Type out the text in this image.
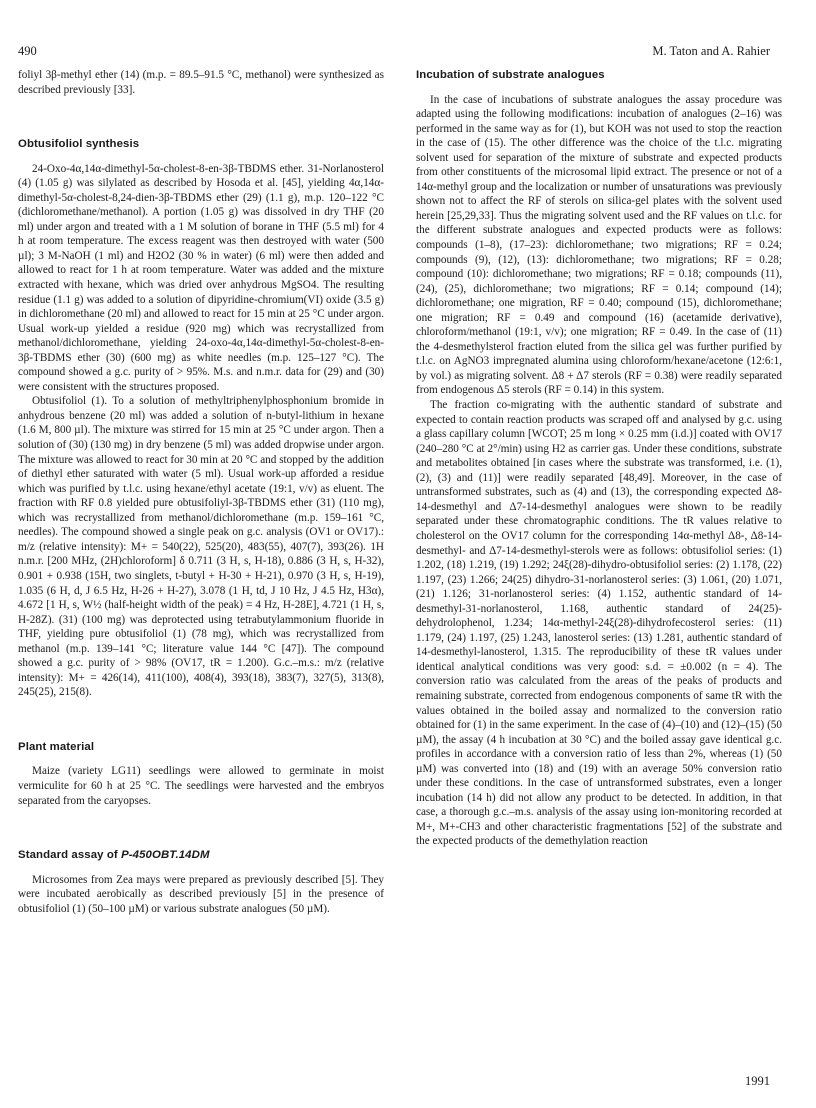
490	M. Taton and A. Rahier

foliyl 3β-methyl ether (14) (m.p. = 89.5–91.5 °C, methanol) were synthesized as described previously [33].

Obtusifoliol synthesis

24-Oxo-4α,14α-dimethyl-5α-cholest-8-en-3β-TBDMS ether. 31-Norlanosterol (4) (1.05 g) was silylated as described by Hosoda et al. [45], yielding 4α,14α-dimethyl-5α-cholest-8,24-dien-3β-TBDMS ether (29) (1.1 g), m.p. 120–122 °C (dichloromethane/methanol). A portion (1.05 g) was dissolved in dry THF (20 ml) under argon and treated with a 1 M solution of borane in THF (5.5 ml) for 4 h at room temperature. The excess reagent was then destroyed with water (500 µl); 3 M-NaOH (1 ml) and H2O2 (30 % in water) (6 ml) were then added and allowed to react for 1 h at room temperature. Water was added and the mixture extracted with hexane, which was dried over anhydrous MgSO4. The resulting residue (1.1 g) was added to a solution of dipyridine-chromium(VI) oxide (3.5 g) in dichloromethane (20 ml) and allowed to react for 15 min at 25 °C under argon. Usual work-up yielded a residue (920 mg) which was recrystallized from methanol/dichloromethane, yielding 24-oxo-4α,14α-dimethyl-5α-cholest-8-en-3β-TBDMS ether (30) (600 mg) as white needles (m.p. 125–127 °C). The compound showed a g.c. purity of > 95%. M.s. and n.m.r. data for (29) and (30) were consistent with the structures proposed.

Obtusifoliol (1). To a solution of methyltriphenylphosphonium bromide in anhydrous benzene (20 ml) was added a solution of n-butyl-lithium in hexane (1.6 M, 800 µl). The mixture was stirred for 15 min at 25 °C under argon. Then a solution of (30) (130 mg) in dry benzene (5 ml) was added dropwise under argon. The mixture was allowed to react for 30 min at 20 °C and stopped by the addition of diethyl ether saturated with water (5 ml). Usual work-up afforded a residue which was purified by t.l.c. using hexane/ethyl acetate (19:1, v/v) as eluent. The fraction with RF 0.8 yielded pure obtusifoliyl-3β-TBDMS ether (31) (110 mg), which was recrystallized from methanol/dichloromethane (m.p. 159–161 °C, needles). The compound showed a single peak on g.c. analysis (OV1 or OV17).: m/z (relative intensity): M+ = 540(22), 525(20), 483(55), 407(7), 393(26). 1H n.m.r. [200 MHz, (2H)chloroform] δ 0.711 (3 H, s, H-18), 0.886 (3 H, s, H-32), 0.901 + 0.938 (15H, two singlets, t-butyl + H-30 + H-21), 0.970 (3 H, s, H-19), 1.035 (6 H, d, J 6.5 Hz, H-26 + H-27), 3.078 (1 H, td, J 10 Hz, J 4.5 Hz, H3α), 4.672 [1 H, s, W½ (half-height width of the peak) = 4 Hz, H-28E], 4.721 (1 H, s, H-28Z). (31) (100 mg) was deprotected using tetrabutylammonium fluoride in THF, yielding pure obtusifoliol (1) (78 mg), which was recrystallized from methanol (m.p. 139–141 °C; literature value 144 °C [47]). The compound showed a g.c. purity of > 98% (OV17, tR = 1.200). G.c.–m.s.: m/z (relative intensity): M+ = 426(14), 411(100), 408(4), 393(18), 383(7), 327(5), 313(8), 245(25), 215(8).

Plant material

Maize (variety LG11) seedlings were allowed to germinate in moist vermiculite for 60 h at 25 °C. The seedlings were harvested and the embryos separated from the caryopses.

Standard assay of P-450OBT.14DM

Microsomes from Zea mays were prepared as previously described [5]. They were incubated aerobically as described previously [5] in the presence of obtusifoliol (1) (50–100 µM) or various substrate analogues (50 µM).

Incubation of substrate analogues

In the case of incubations of substrate analogues the assay procedure was adapted using the following modifications: incubation of analogues (2–16) was performed in the same way as for (1), but KOH was not used to stop the reaction in the case of (15). The other difference was the choice of the t.l.c. migrating solvent used for separation of the mixture of substrate and expected products from other constituents of the microsomal lipid extract. The presence or not of a 14α-methyl group and the localization or number of unsaturations was previously shown not to affect the RF of sterols on silica-gel plates with the solvent used herein [25,29,33]. Thus the migrating solvent used and the RF values on t.l.c. for the different substrate analogues and expected products were as follows: compounds (1–8), (17–23): dichloromethane; two migrations; RF = 0.24; compounds (9), (12), (13): dichloromethane; two migrations; RF = 0.28; compound (10): dichloromethane; two migrations; RF = 0.18; compounds (11), (24), (25), dichloromethane; two migrations; RF = 0.14; compound (14); dichloromethane; one migration, RF = 0.40; compound (15), dichloromethane; one migration; RF = 0.49 and compound (16) (acetamide derivative), chloroform/methanol (19:1, v/v); one migration; RF = 0.49. In the case of (11) the 4-desmethylsterol fraction eluted from the silica gel was further purified by t.l.c. on AgNO3 impregnated alumina using chloroform/hexane/acetone (12:6:1, by vol.) as migrating solvent. Δ8 + Δ7 sterols (RF = 0.38) were readily separated from endogenous Δ5 sterols (RF = 0.14) in this system.

The fraction co-migrating with the authentic standard of substrate and expected to contain reaction products was scraped off and analysed by g.c. using a glass capillary column [WCOT; 25 m long × 0.25 mm (i.d.)] coated with OV17 (240–280 °C at 2°/min) using H2 as carrier gas. Under these conditions, substrate and metabolites obtained [in cases where the substrate was transformed, i.e. (1), (2), (3) and (11)] were readily separated [48,49]. Moreover, in the case of untransformed substrates, such as (4) and (13), the corresponding expected Δ8-14-desmethyl and Δ7-14-desmethyl analogues were shown to be readily separated under these chromatographic conditions. The tR values relative to cholesterol on the OV17 column for the corresponding 14α-methyl Δ8-, Δ8-14-desmethyl- and Δ7-14-desmethyl-sterols were as follows: obtusifoliol series: (1) 1.202, (18) 1.219, (19) 1.292; 24ξ(28)-dihydro-obtusifoliol series: (2) 1.178, (22) 1.197, (23) 1.266; 24(25) dihydro-31-norlanosterol series: (3) 1.061, (20) 1.071, (21) 1.126; 31-norlanosterol series: (4) 1.152, authentic standard of 14-desmethyl-31-norlanosterol, 1.168, authentic standard of 24(25)-dehydrolophenol, 1.234; 14α-methyl-24ξ(28)-dihydrofecosterol series: (11) 1.179, (24) 1.197, (25) 1.243, lanosterol series: (13) 1.281, authentic standard of 14-desmethyl-lanosterol, 1.315. The reproducibility of these tR values under identical analytical conditions was very good: s.d. = ±0.002 (n = 4). The conversion ratio was calculated from the areas of the peaks of products and remaining substrate, corrected from endogenous components of same tR with the values obtained in the boiled assay and normalized to the conversion ratio obtained for (1) in the same experiment. In the case of (4)–(10) and (12)–(15) (50 µM), the assay (4 h incubation at 30 °C) and the boiled assay gave identical g.c. profiles in accordance with a conversion ratio of less than 2%, whereas (1) (50 µM) was converted into (18) and (19) with an average 50% conversion ratio under these conditions. In the case of untransformed substrates, even a longer incubation (14 h) did not allow any product to be detected. In addition, in that case, a thorough g.c.–m.s. analysis of the assay using ion-monitoring recorded at M+, M+-CH3 and other characteristic fragmentations [52] of the substrate and the expected products of the demethylation reaction

1991
